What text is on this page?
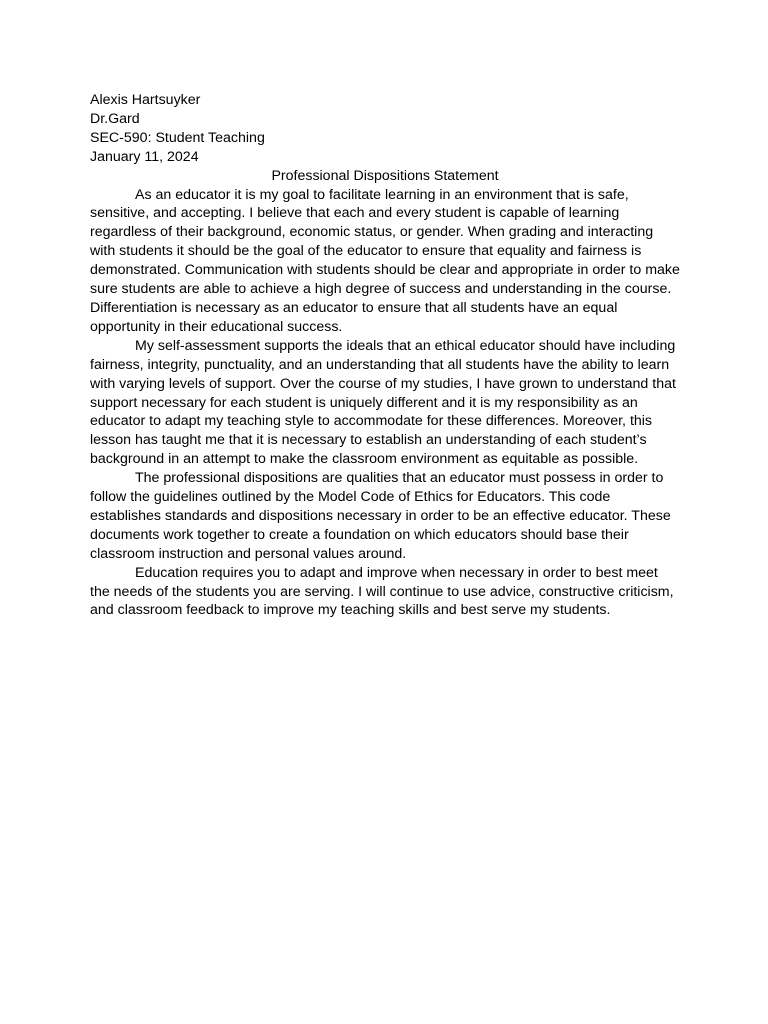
Alexis Hartsuyker

Dr.Gard

SEC-590: Student Teaching

January 11, 2024

Professional Dispositions Statement

As an educator it is my goal to facilitate learning in an environment that is safe, sensitive, and accepting. I believe that each and every student is capable of learning regardless of their background, economic status, or gender. When grading and interacting with students it should be the goal of the educator to ensure that equality and fairness is demonstrated. Communication with students should be clear and appropriate in order to make sure students are able to achieve a high degree of success and understanding in the course. Differentiation is necessary as an educator to ensure that all students have an equal opportunity in their educational success.

My self-assessment supports the ideals that an ethical educator should have including fairness, integrity, punctuality, and an understanding that all students have the ability to learn with varying levels of support. Over the course of my studies, I have grown to understand that support necessary for each student is uniquely different and it is my responsibility as an educator to adapt my teaching style to accommodate for these differences. Moreover, this lesson has taught me that it is necessary to establish an understanding of each student’s background in an attempt to make the classroom environment as equitable as possible.

The professional dispositions are qualities that an educator must possess in order to follow the guidelines outlined by the Model Code of Ethics for Educators. This code establishes standards and dispositions necessary in order to be an effective educator. These documents work together to create a foundation on which educators should base their classroom instruction and personal values around.

Education requires you to adapt and improve when necessary in order to best meet the needs of the students you are serving. I will continue to use advice, constructive criticism, and classroom feedback to improve my teaching skills and best serve my students.
